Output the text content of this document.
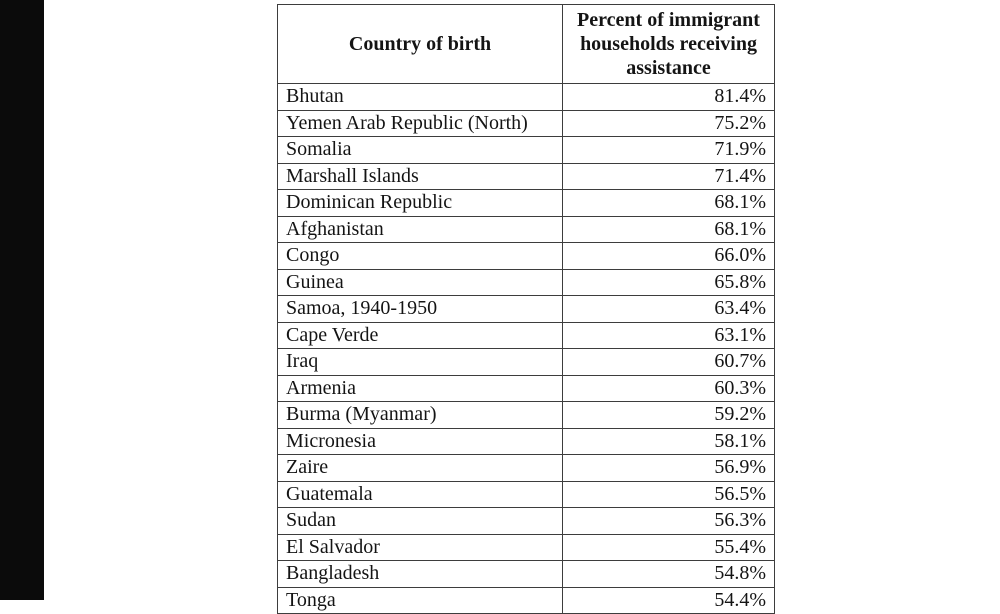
Country of birth	Percent of immigrant households receiving assistance
Bhutan	81.4%
Yemen Arab Republic (North)	75.2%
Somalia	71.9%
Marshall Islands	71.4%
Dominican Republic	68.1%
Afghanistan	68.1%
Congo	66.0%
Guinea	65.8%
Samoa, 1940-1950	63.4%
Cape Verde	63.1%
Iraq	60.7%
Armenia	60.3%
Burma (Myanmar)	59.2%
Micronesia	58.1%
Zaire	56.9%
Guatemala	56.5%
Sudan	56.3%
El Salvador	55.4%
Bangladesh	54.8%
Tonga	54.4%
